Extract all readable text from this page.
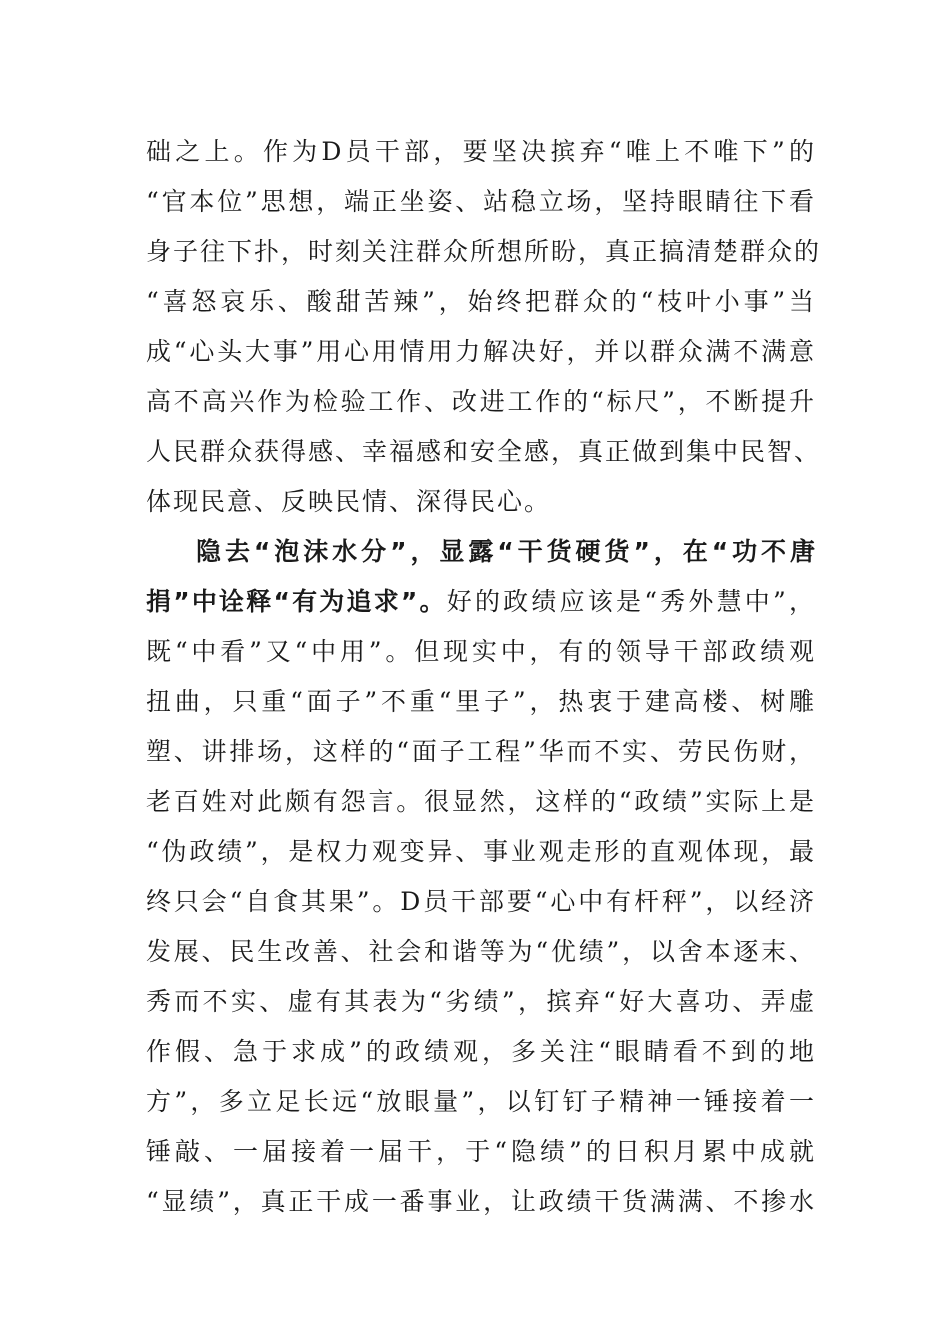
础之上。作为D员干部，要坚决摈弃“唯上不唯下”的
“官本位”思想，端正坐姿、站稳立场，坚持眼睛往下看
身子往下扑，时刻关注群众所想所盼，真正搞清楚群众的
“喜怒哀乐、酸甜苦辣”，始终把群众的“枝叶小事”当
成“心头大事”用心用情用力解决好，并以群众满不满意
高不高兴作为检验工作、改进工作的“标尺”，不断提升
人民群众获得感、幸福感和安全感，真正做到集中民智、
体现民意、反映民情、深得民心。
隐去“泡沫水分”，显露“干货硬货”，在“功不唐
捐”中诠释“有为追求”。好的政绩应该是“秀外慧中”，
既“中看”又“中用”。但现实中，有的领导干部政绩观
扭曲，只重“面子”不重“里子”，热衷于建高楼、树雕
塑、讲排场，这样的“面子工程”华而不实、劳民伤财，
老百姓对此颇有怨言。很显然，这样的“政绩”实际上是
“伪政绩”，是权力观变异、事业观走形的直观体现，最
终只会“自食其果”。D员干部要“心中有杆秤”，以经济
发展、民生改善、社会和谐等为“优绩”，以舍本逐末、
秀而不实、虚有其表为“劣绩”，摈弃“好大喜功、弄虚
作假、急于求成”的政绩观，多关注“眼睛看不到的地
方”，多立足长远“放眼量”，以钉钉子精神一锤接着一
锤敲、一届接着一届干，于“隐绩”的日积月累中成就
“显绩”，真正干成一番事业，让政绩干货满满、不掺水
